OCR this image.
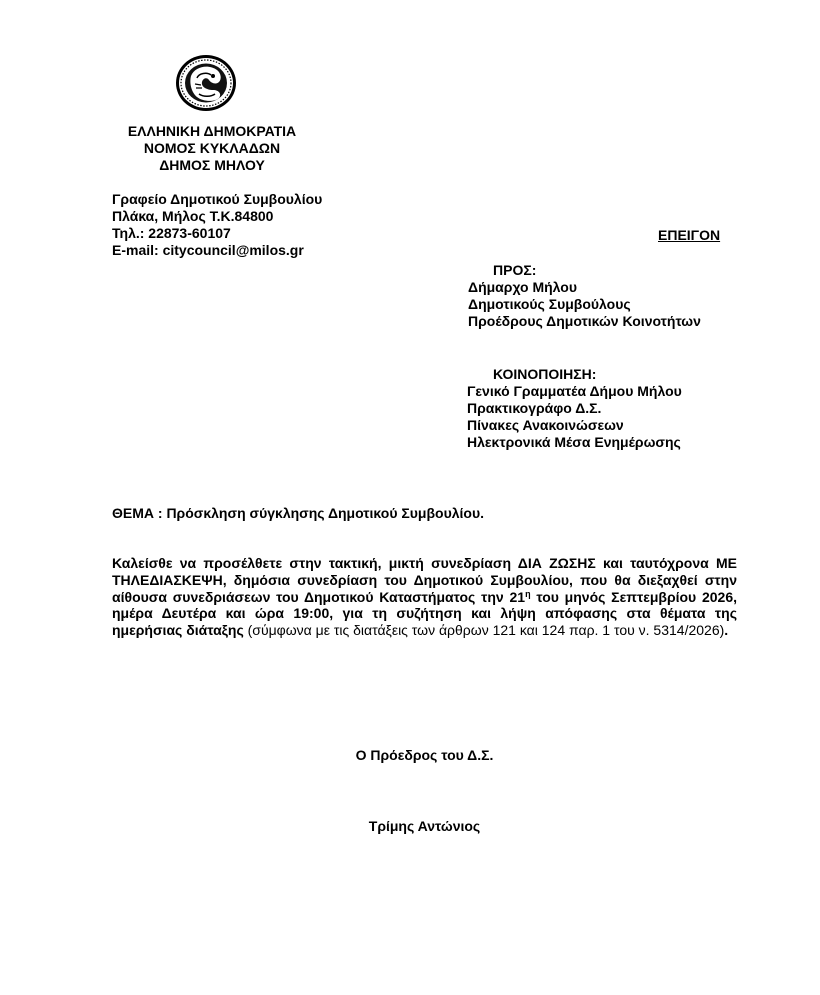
ΕΛΛΗΝΙΚΗ ΔΗΜΟΚΡΑΤΙΑ
ΝΟΜΟΣ ΚΥΚΛΑΔΩΝ
ΔΗΜΟΣ ΜΗΛΟΥ
Γραφείο Δημοτικού Συμβουλίου
Πλάκα, Μήλος Τ.Κ.84800
Τηλ.: 22873-60107
E-mail: citycouncil@milos.gr
ΕΠΕΙΓΟΝ
ΠΡΟΣ:
Δήμαρχο Μήλου
Δημοτικούς Συμβούλους
Προέδρους Δημοτικών Κοινοτήτων
ΚΟΙΝΟΠΟΙΗΣΗ:
Γενικό Γραμματέα Δήμου Μήλου
Πρακτικογράφο Δ.Σ.
Πίνακες Ανακοινώσεων
Ηλεκτρονικά Μέσα Ενημέρωσης
ΘΕΜΑ : Πρόσκληση σύγκλησης Δημοτικού Συμβουλίου.
Καλείσθε να προσέλθετε στην τακτική, μικτή συνεδρίαση ΔΙΑ ΖΩΣΗΣ και ταυτόχρονα ΜΕ ΤΗΛΕΔΙΑΣΚΕΨΗ, δημόσια συνεδρίαση του Δημοτικού Συμβουλίου, που θα διεξαχθεί στην αίθουσα συνεδριάσεων του Δημοτικού Καταστήματος την $21^\eta$ του μηνός Σεπτεμβρίου 2026, ημέρα Δευτέρα και ώρα 19:00, για τη συζήτηση και λήψη απόφασης στα θέματα της ημερήσιας διάταξης (σύμφωνα με τις διατάξεις των άρθρων 121 και 124 παρ. 1 του ν. 5314/2026).
Ο Πρόεδρος του Δ.Σ.
Τρίμης Αντώνιος
